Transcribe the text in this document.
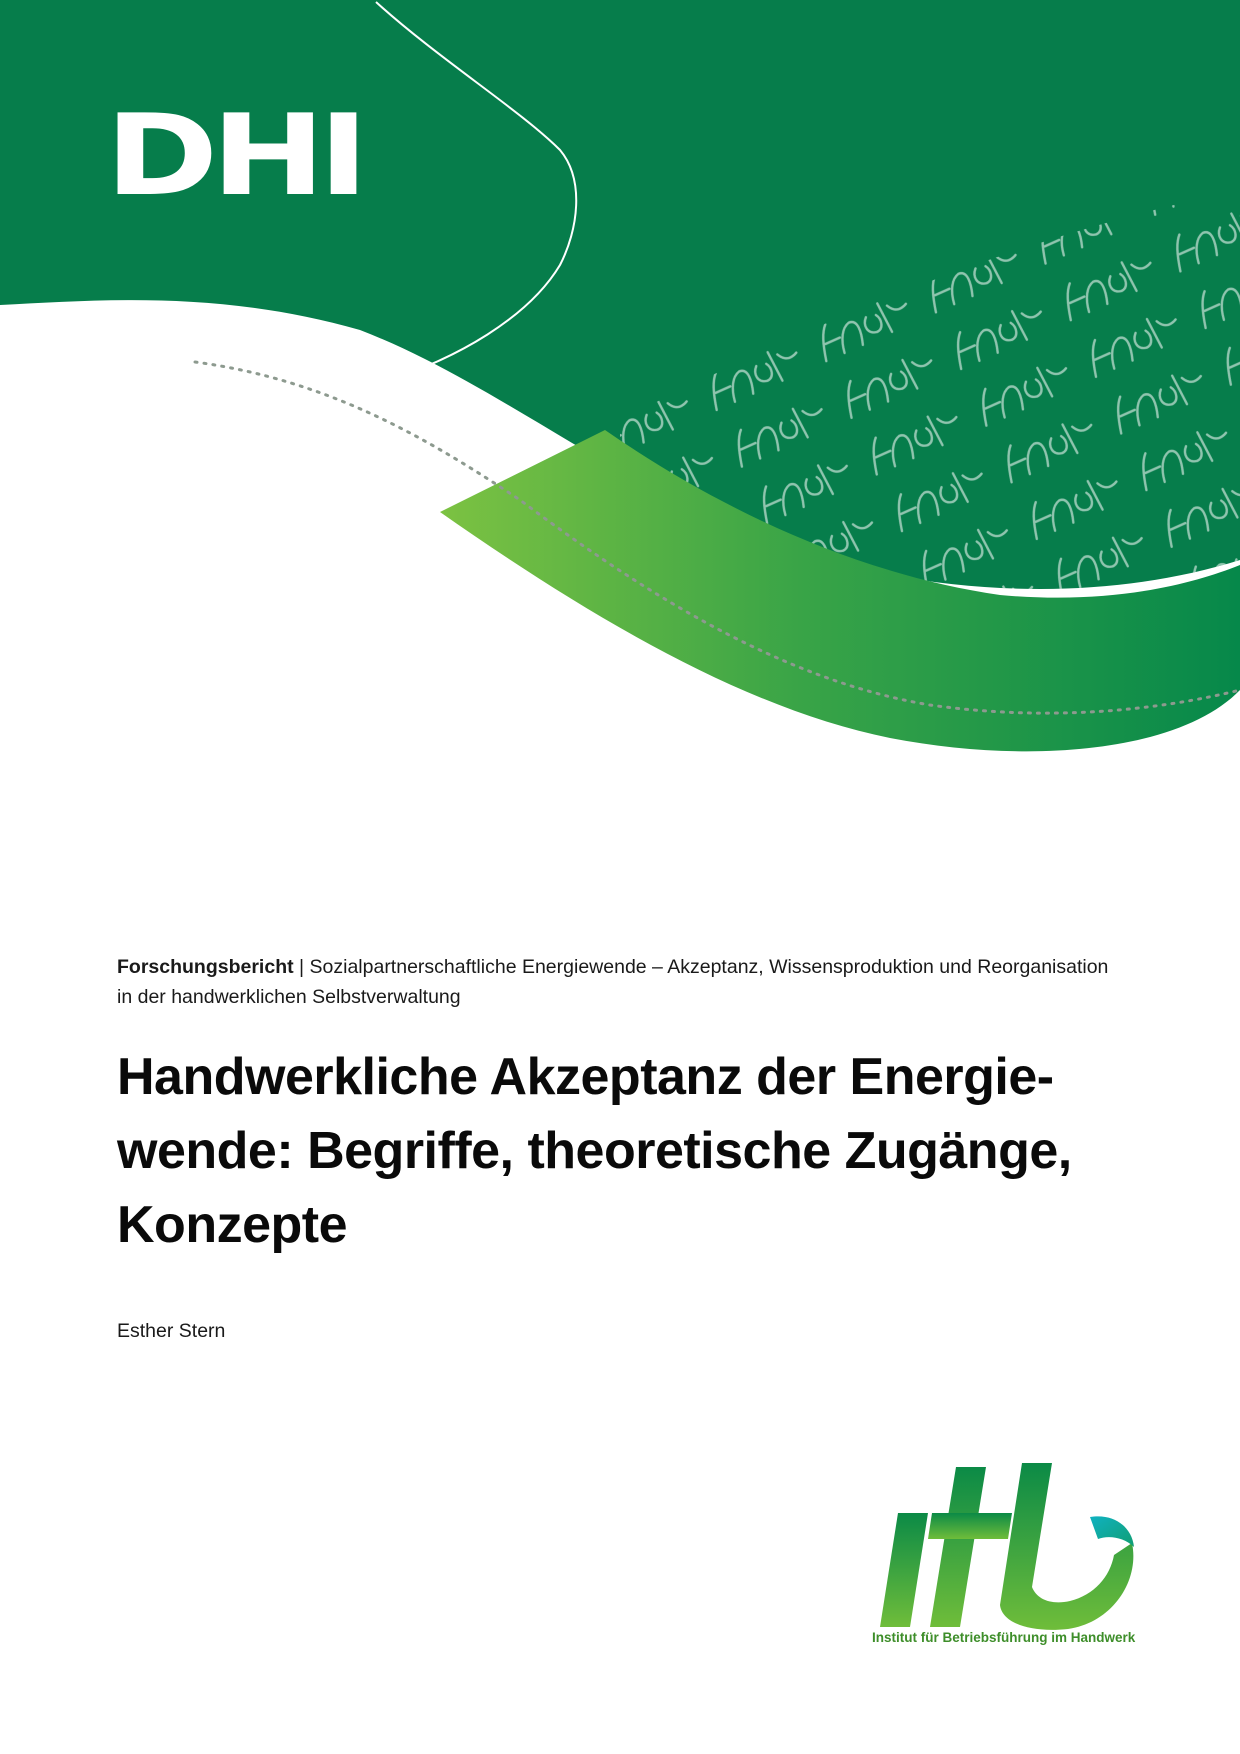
DHI
Forschungsbericht | Sozialpartnerschaftliche Energiewende – Akzeptanz, Wissensproduktion und Reorganisation
in der handwerklichen Selbstverwaltung
Handwerkliche Akzeptanz der Energie-
wende: Begriffe, theoretische Zugänge,
Konzepte
Esther Stern
Institut für Betriebsführung im Handwerk
